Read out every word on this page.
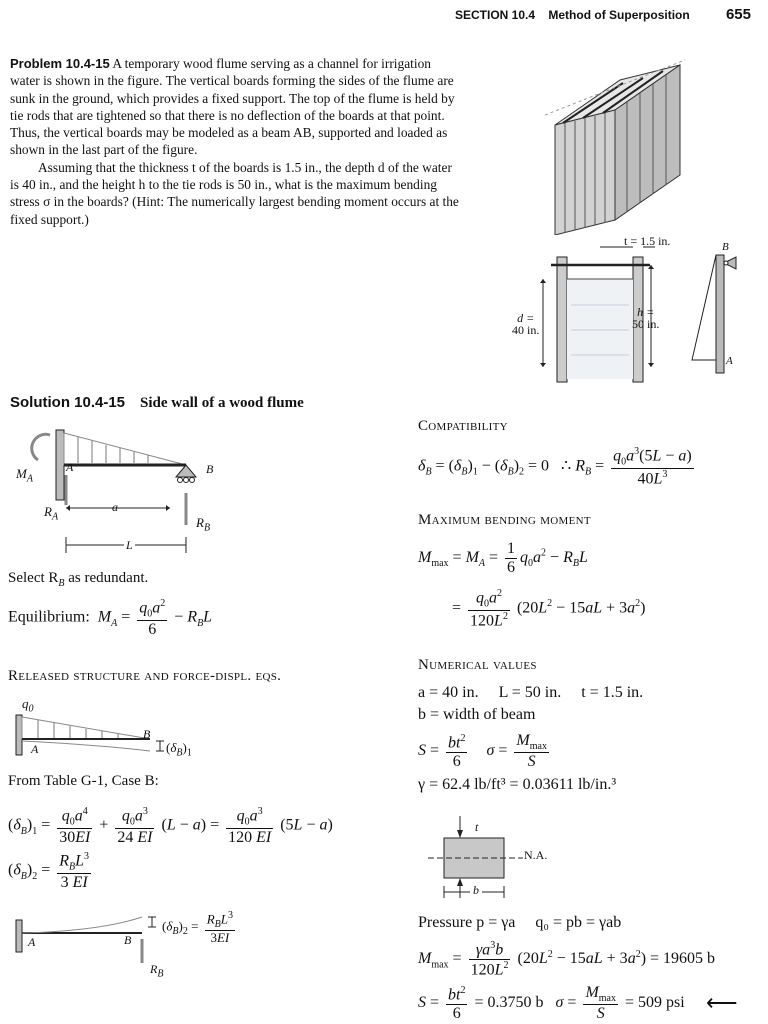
SECTION 10.4 Method of Superposition 655

Problem 10.4-15 A temporary wood flume serving as a channel for irrigation water is shown in the figure. The vertical boards forming the sides of the flume are sunk in the ground, which provides a fixed support. The top of the flume is held by tie rods that are tightened so that there is no deflection of the boards at that point. Thus, the vertical boards may be modeled as a beam AB, supported and loaded as shown in the last part of the figure.

Assuming that the thickness t of the boards is 1.5 in., the depth d of the water is 40 in., and the height h to the tie rods is 50 in., what is the maximum bending stress σ in the boards? (Hint: The numerically largest bending moment occurs at the fixed support.)

t = 1.5 in.
d =
40 in.
h =
50 in.
B
A
Solution 10.4-15 Side wall of a wood flume
$M_A$
A	B
$R_A$	$R_B$
a
L
Select $R_B$ as redundant.
Equilibrium: $M_A = \frac{q_0a^2}{6} - R_BL$
Released structure and force-displ. eqs.
$q_0$
A
B
$(\delta_B)_1$
From Table G-1, Case B:
$(\delta_B)_1 = \frac{q_0a^4}{30EI} + \frac{q_0a^3}{24 EI} (L - a) = \frac{q_0a^3}{120 EI} (5L - a)$
$(\delta_B)_2 = \frac{R_BL^3}{3 EI}$
A	B
$R_B$
$(\delta_B)_2 = \frac{R_BL^3}{3EI}$
Compatibility
$\delta_B = (\delta_B)_1 - (\delta_B)_2 = 0$   ∴ $R_B = \frac{q_0a^3(5L - a)}{40L^3}$
Maximum bending moment
$M_{max} = M_A = \frac{1}{6} q_0a^2 - R_BL$
= $\frac{q_0a^2}{120L^2} (20L^2 - 15aL + 3a^2)$
Numerical values
a = 40 in.     L = 50 in.     t = 1.5 in.
b = width of beam
$S = \frac{bt^2}{6}$ $\sigma = \frac{M_{max}}{S}$
γ = 62.4 lb/ft³ = 0.03611 lb/in.³
t
N.A.
b
Pressure p = γa     q₀ = pb = γab
$M_{max} = \frac{\gamma a^3b}{120L^2} (20L^2 - 15aL + 3a^2) = 19605$ b
$S = \frac{bt^2}{6} = 0.3750$ b $\sigma = \frac{M_{max}}{S} = 509$ psi ⟵
